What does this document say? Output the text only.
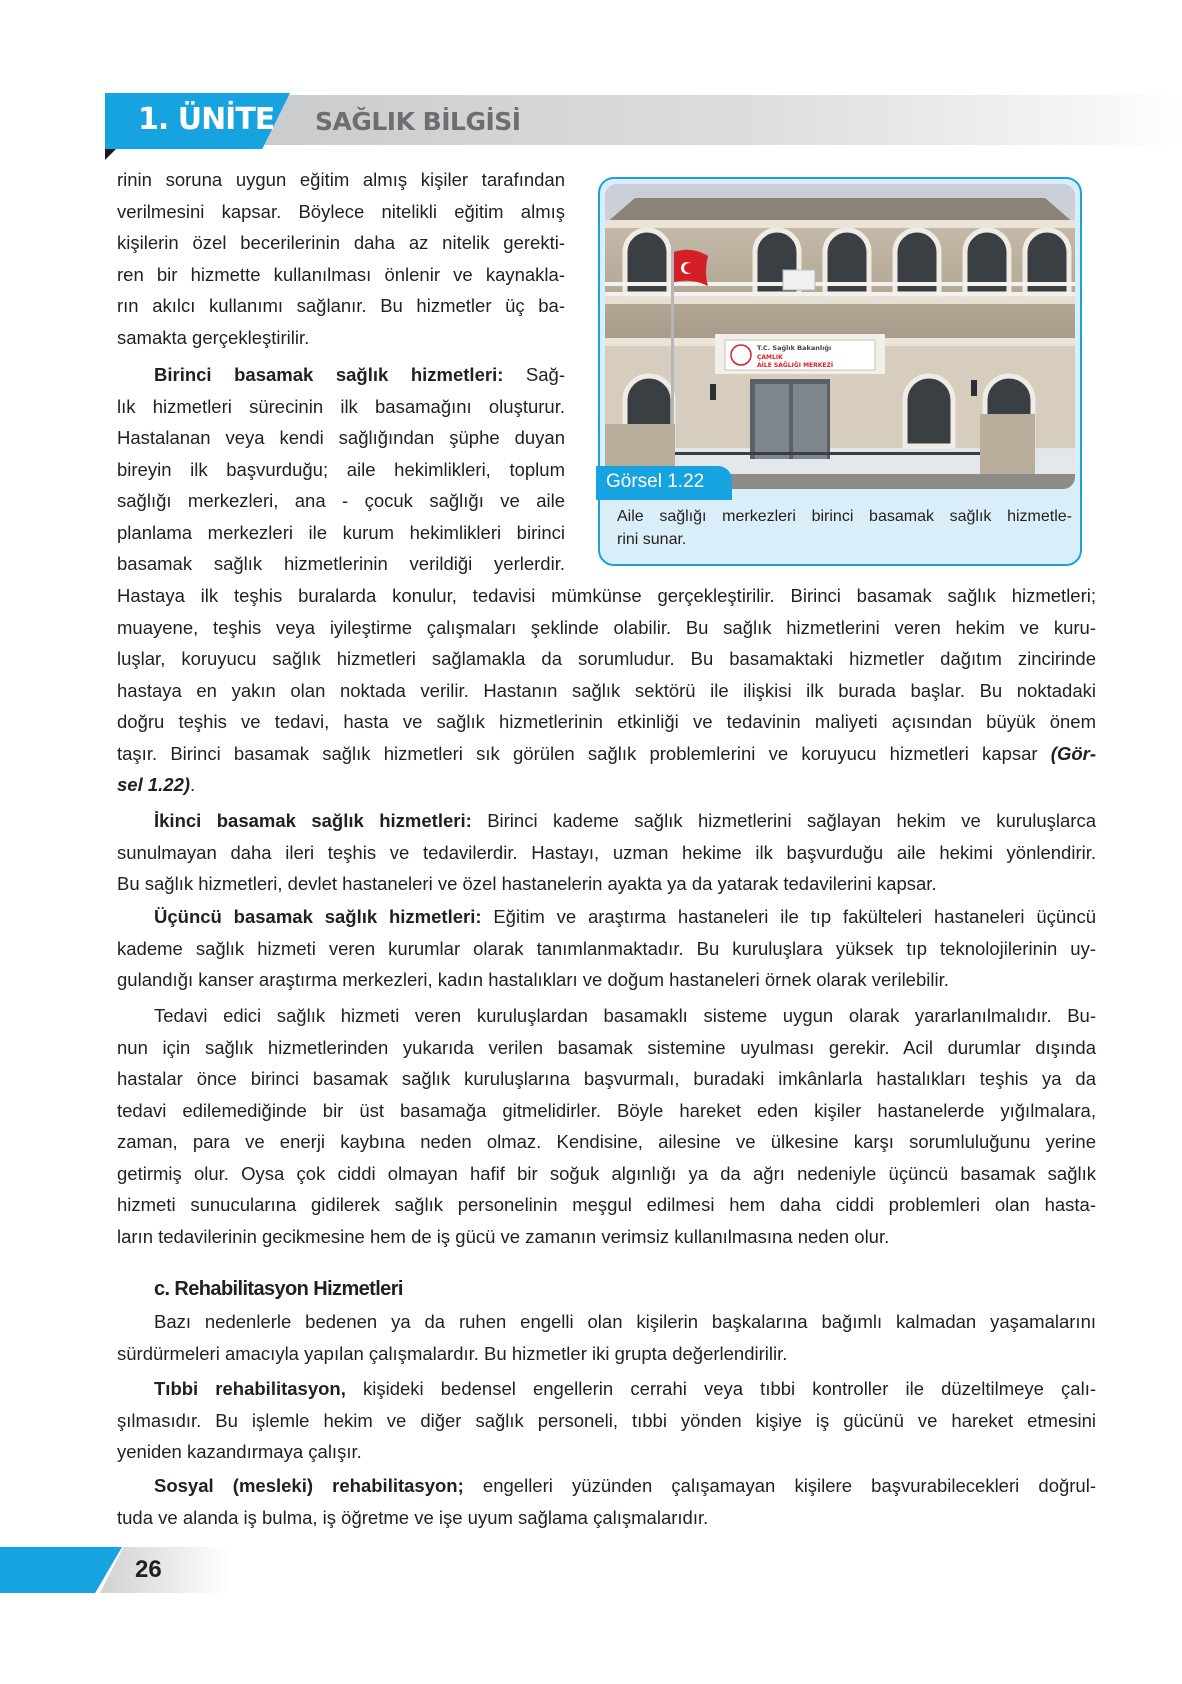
1. ÜNİTE SAĞLIK BİLGİSİ
rinin soruna uygun eğitim almış kişiler tarafından
verilmesini kapsar. Böylece nitelikli eğitim almış
kişilerin özel becerilerinin daha az nitelik gerekti-
ren bir hizmette kullanılması önlenir ve kaynakla-
rın akılcı kullanımı sağlanır. Bu hizmetler üç ba-
samakta gerçekleştirilir.
Birinci basamak sağlık hizmetleri: Sağ-
lık hizmetleri sürecinin ilk basamağını oluşturur.
Hastalanan veya kendi sağlığından şüphe duyan
bireyin ilk başvurduğu; aile hekimlikleri, toplum
sağlığı merkezleri, ana - çocuk sağlığı ve aile
planlama merkezleri ile kurum hekimlikleri birinci
basamak sağlık hizmetlerinin verildiği yerlerdir.
Hastaya ilk teşhis buralarda konulur, tedavisi mümkünse gerçekleştirilir. Birinci basamak sağlık hizmetleri;
muayene, teşhis veya iyileştirme çalışmaları şeklinde olabilir. Bu sağlık hizmetlerini veren hekim ve kuru-
luşlar, koruyucu sağlık hizmetleri sağlamakla da sorumludur. Bu basamaktaki hizmetler dağıtım zincirinde
hastaya en yakın olan noktada verilir. Hastanın sağlık sektörü ile ilişkisi ilk burada başlar. Bu noktadaki
doğru teşhis ve tedavi, hasta ve sağlık hizmetlerinin etkinliği ve tedavinin maliyeti açısından büyük önem
taşır. Birinci basamak sağlık hizmetleri sık görülen sağlık problemlerini ve koruyucu hizmetleri kapsar (Gör-
sel 1.22).
İkinci basamak sağlık hizmetleri: Birinci kademe sağlık hizmetlerini sağlayan hekim ve kuruluşlarca
sunulmayan daha ileri teşhis ve tedavilerdir. Hastayı, uzman hekime ilk başvurduğu aile hekimi yönlendirir.
Bu sağlık hizmetleri, devlet hastaneleri ve özel hastanelerin ayakta ya da yatarak tedavilerini kapsar.
Üçüncü basamak sağlık hizmetleri: Eğitim ve araştırma hastaneleri ile tıp fakülteleri hastaneleri üçüncü
kademe sağlık hizmeti veren kurumlar olarak tanımlanmaktadır. Bu kuruluşlara yüksek tıp teknolojilerinin uy-
gulandığı kanser araştırma merkezleri, kadın hastalıkları ve doğum hastaneleri örnek olarak verilebilir.
Tedavi edici sağlık hizmeti veren kuruluşlardan basamaklı sisteme uygun olarak yararlanılmalıdır. Bu-
nun için sağlık hizmetlerinden yukarıda verilen basamak sistemine uyulması gerekir. Acil durumlar dışında
hastalar önce birinci basamak sağlık kuruluşlarına başvurmalı, buradaki imkânlarla hastalıkları teşhis ya da
tedavi edilemediğinde bir üst basamağa gitmelidirler. Böyle hareket eden kişiler hastanelerde yığılmalara,
zaman, para ve enerji kaybına neden olmaz. Kendisine, ailesine ve ülkesine karşı sorumluluğunu yerine
getirmiş olur. Oysa çok ciddi olmayan hafif bir soğuk algınlığı ya da ağrı nedeniyle üçüncü basamak sağlık
hizmeti sunucularına gidilerek sağlık personelinin meşgul edilmesi hem daha ciddi problemleri olan hasta-
ların tedavilerinin gecikmesine hem de iş gücü ve zamanın verimsiz kullanılmasına neden olur.
c. Rehabilitasyon Hizmetleri
Bazı nedenlerle bedenen ya da ruhen engelli olan kişilerin başkalarına bağımlı kalmadan yaşamalarını
sürdürmeleri amacıyla yapılan çalışmalardır. Bu hizmetler iki grupta değerlendirilir.
Tıbbi rehabilitasyon, kişideki bedensel engellerin cerrahi veya tıbbi kontroller ile düzeltilmeye çalı-
şılmasıdır. Bu işlemle hekim ve diğer sağlık personeli, tıbbi yönden kişiye iş gücünü ve hareket etmesini
yeniden kazandırmaya çalışır.
Sosyal (mesleki) rehabilitasyon; engelleri yüzünden çalışamayan kişilere başvurabilecekleri doğrul-
tuda ve alanda iş bulma, iş öğretme ve işe uyum sağlama çalışmalarıdır.
T.C. Sağlık Bakanlığı
ÇAMLIK
AİLE SAĞLIĞI MERKEZİ
Görsel 1.22
Aile sağlığı merkezleri birinci basamak sağlık hizmetle-
rini sunar.
26
